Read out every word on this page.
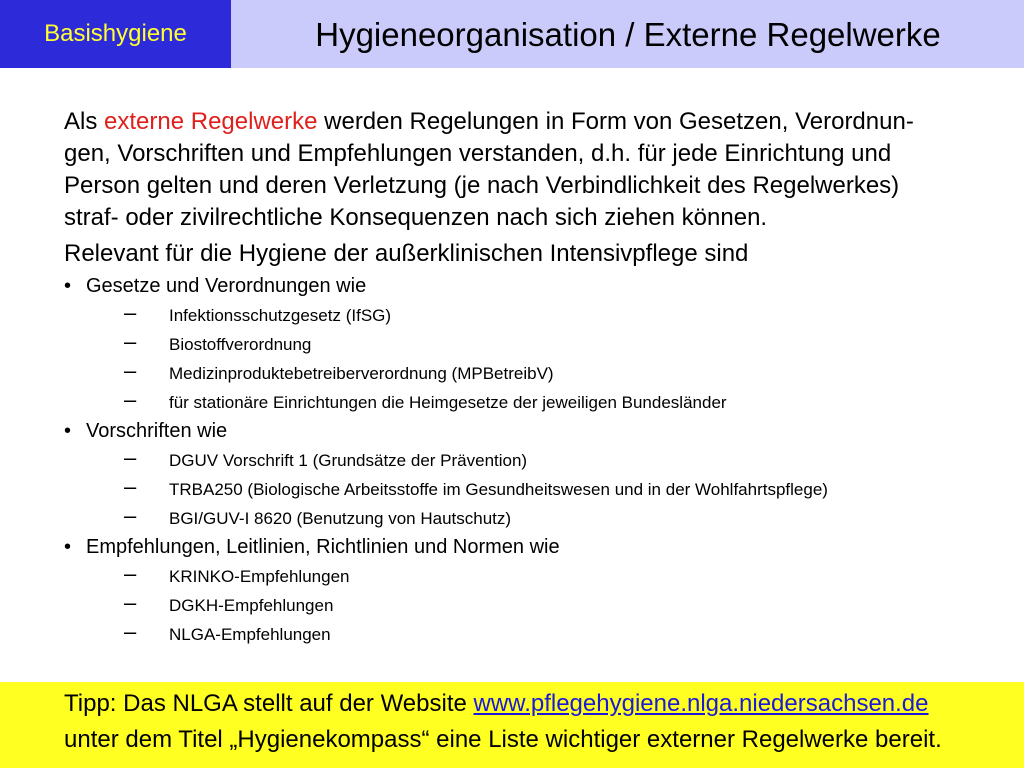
Basishygiene	Hygieneorganisation / Externe Regelwerke

Als externe Regelwerke werden Regelungen in Form von Gesetzen, Verordnun-
gen, Vorschriften und Empfehlungen verstanden, d.h. für jede Einrichtung und
Person gelten und deren Verletzung (je nach Verbindlichkeit des Regelwerkes)
straf- oder zivilrechtliche Konsequenzen nach sich ziehen können.

Relevant für die Hygiene der außerklinischen Intensivpflege sind

• Gesetze und Verordnungen wie
– Infektionsschutzgesetz (IfSG)
– Biostoffverordnung
– Medizinproduktebetreiberverordnung (MPBetreibV)
– für stationäre Einrichtungen die Heimgesetze der jeweiligen Bundesländer
• Vorschriften wie
– DGUV Vorschrift 1 (Grundsätze der Prävention)
– TRBA250 (Biologische Arbeitsstoffe im Gesundheitswesen und in der Wohlfahrtspflege)
– BGI/GUV-I 8620 (Benutzung von Hautschutz)
• Empfehlungen, Leitlinien, Richtlinien und Normen wie
– KRINKO-Empfehlungen
– DGKH-Empfehlungen
– NLGA-Empfehlungen
Tipp: Das NLGA stellt auf der Website www.pflegehygiene.nlga.niedersachsen.de
unter dem Titel „Hygienekompass“ eine Liste wichtiger externer Regelwerke bereit.
